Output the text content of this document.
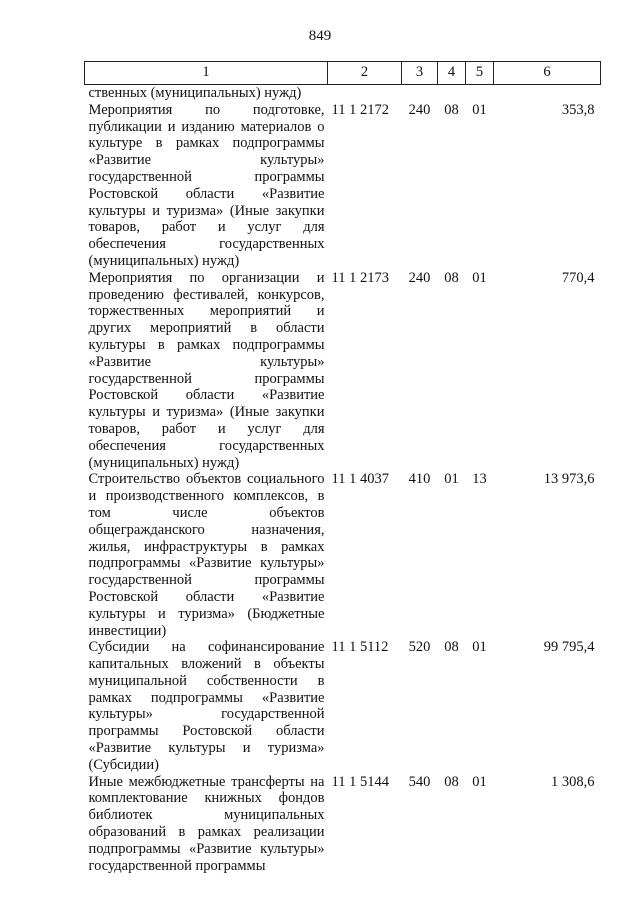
849
1	2	3	4	5	6
ственных (муниципальных) нужд)					
Мероприятия по подготовке, публикации и изданию материалов о культуре в рамках подпрограммы «Развитие культуры» государственной программы Ростовской области «Развитие культуры и туризма» (Иные закупки товаров, работ и услуг для обеспечения государственных (муниципальных) нужд)	11 1 2172	240	08	01	353,8
Мероприятия по организации и проведению фестивалей, конкурсов, торжественных мероприятий и других мероприятий в области культуры в рамках подпрограммы «Развитие культуры» государственной программы Ростовской области «Развитие культуры и туризма» (Иные закупки товаров, работ и услуг для обеспечения государственных (муниципальных) нужд)	11 1 2173	240	08	01	770,4
Строительство объектов социального и производственного комплексов, в том числе объектов общегражданского назначения, жилья, инфраструктуры в рамках подпрограммы «Развитие культуры» государственной программы Ростовской области «Развитие культуры и туризма» (Бюджетные инвестиции)	11 1 4037	410	01	13	13 973,6
Субсидии на софинансирование капитальных вложений в объекты муниципальной собственности в рамках подпрограммы «Развитие культуры» государственной программы Ростовской области «Развитие культуры и туризма» (Субсидии)	11 1 5112	520	08	01	99 795,4
Иные межбюджетные трансферты на комплектование книжных фондов библиотек муниципальных образований в рамках реализации подпрограммы «Развитие культуры» государственной программы	11 1 5144	540	08	01	1 308,6
